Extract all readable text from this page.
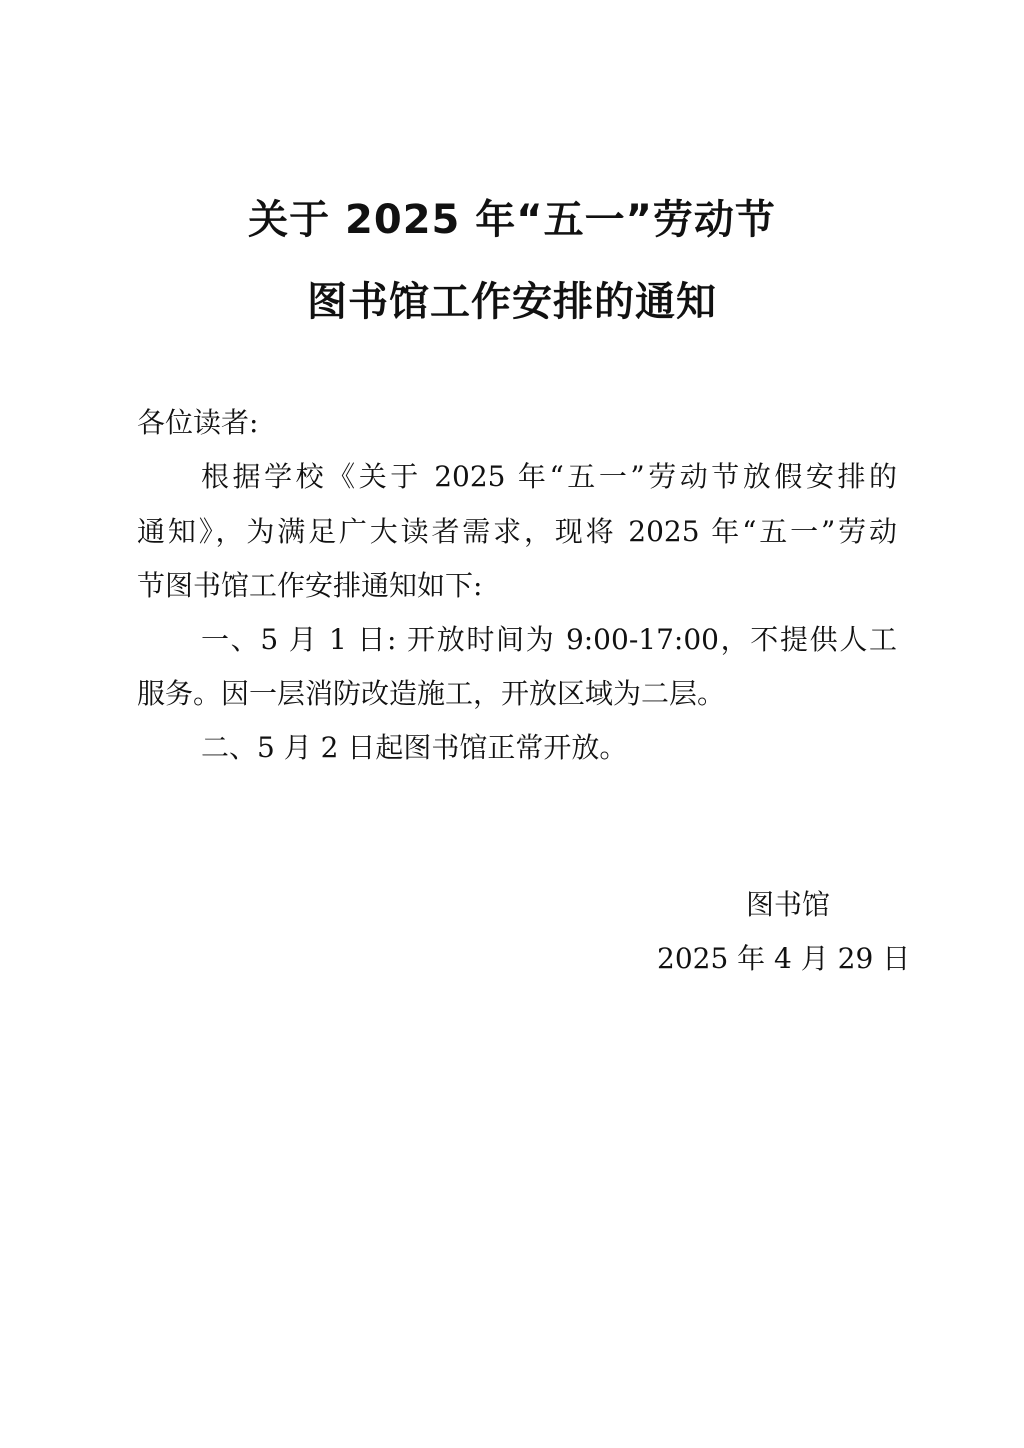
关于 2025 年“五一”劳动节
图书馆工作安排的通知
各位读者:
根据学校《关于 2025 年“五一”劳动节放假安排的
通知》，为满足广大读者需求，现将 2025 年“五一”劳动
节图书馆工作安排通知如下:
一、5 月 1 日: 开放时间为 9:00-17:00，不提供人工
服务。因一层消防改造施工，开放区域为二层。
二、5 月 2 日起图书馆正常开放。
图书馆
2025 年 4 月 29 日
